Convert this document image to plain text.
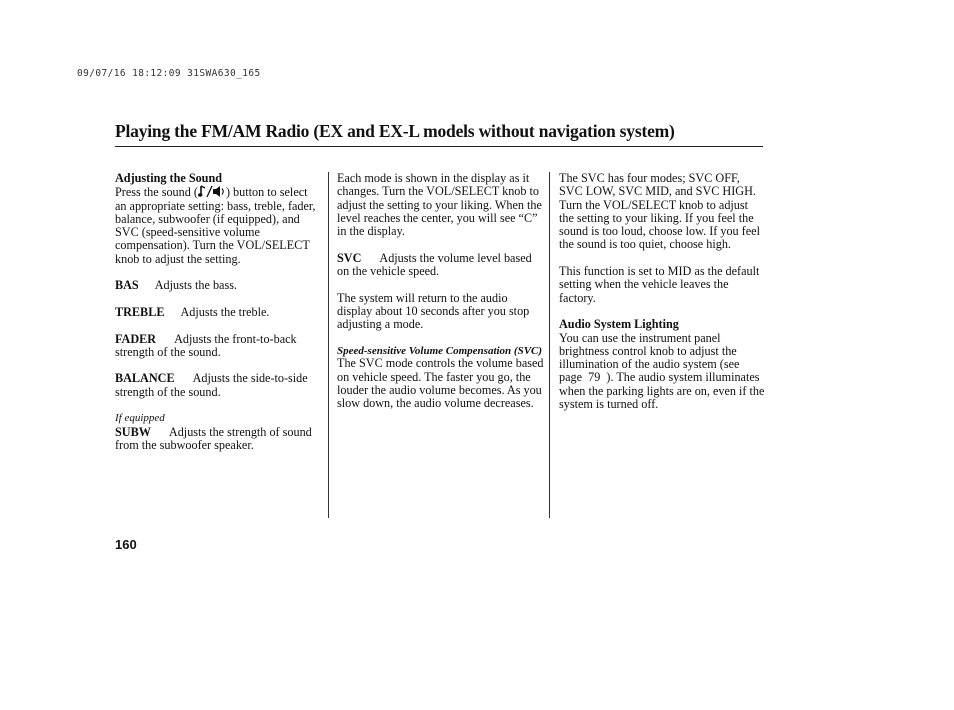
09/07/16 18:12:09 31SWA630_165
Playing the FM/AM Radio (EX and EX-L models without navigation system)

Adjusting the Sound

Press the sound ( ) button to select an appropriate setting: bass, treble, fader, balance, subwoofer (if equipped), and SVC (speed-sensitive volume compensation). Turn the VOL/SELECT knob to adjust the setting.

BAS Adjusts the bass.

TREBLE Adjusts the treble.

FADER Adjusts the front-to-back strength of the sound.

BALANCE Adjusts the side-to-side strength of the sound.

If equipped

SUBW Adjusts the strength of sound from the subwoofer speaker.

Each mode is shown in the display as it changes. Turn the VOL/SELECT knob to adjust the setting to your liking. When the level reaches the center, you will see “C” in the display.

SVC Adjusts the volume level based on the vehicle speed.

The system will return to the audio display about 10 seconds after you stop adjusting a mode.

Speed-sensitive Volume Compensation (SVC)

The SVC mode controls the volume based on vehicle speed. The faster you go, the louder the audio volume becomes. As you slow down, the audio volume decreases.

The SVC has four modes; SVC OFF, SVC LOW, SVC MID, and SVC HIGH. Turn the VOL/SELECT knob to adjust the setting to your liking. If you feel the sound is too loud, choose low. If you feel the sound is too quiet, choose high.

This function is set to MID as the default setting when the vehicle leaves the factory.

Audio System Lighting

You can use the instrument panel brightness control knob to adjust the illumination of the audio system (see page 79 ). The audio system illuminates when the parking lights are on, even if the system is turned off.

160
